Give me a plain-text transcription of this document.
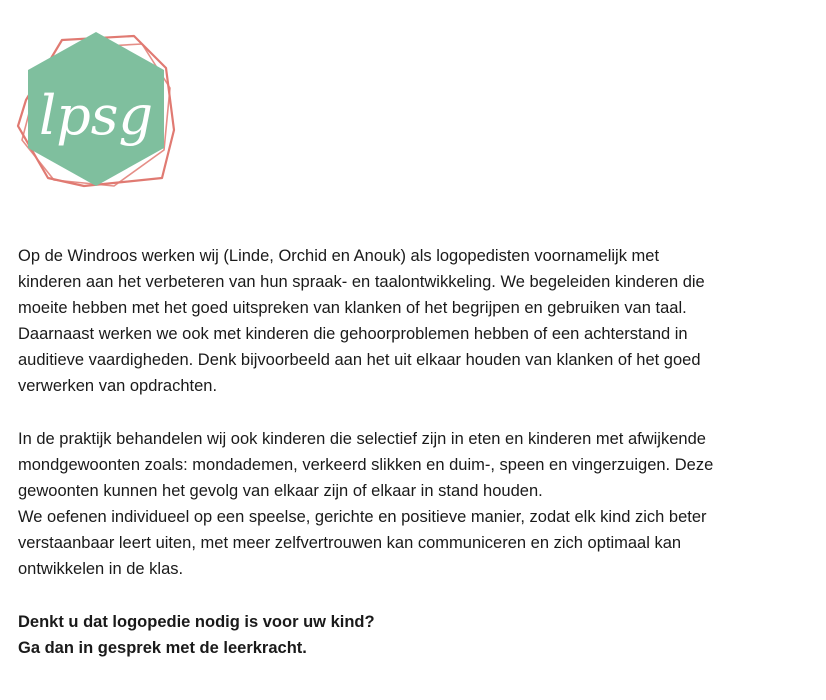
lpsg

Op de Windroos werken wij (Linde, Orchid en Anouk) als logopedisten voornamelijk met
kinderen aan het verbeteren van hun spraak- en taalontwikkeling. We begeleiden kinderen die
moeite hebben met het goed uitspreken van klanken of het begrijpen en gebruiken van taal.
Daarnaast werken we ook met kinderen die gehoorproblemen hebben of een achterstand in
auditieve vaardigheden. Denk bijvoorbeeld aan het uit elkaar houden van klanken of het goed
verwerken van opdrachten.

In de praktijk behandelen wij ook kinderen die selectief zijn in eten en kinderen met afwijkende
mondgewoonten zoals: mondademen, verkeerd slikken en duim-, speen en vingerzuigen. Deze
gewoonten kunnen het gevolg van elkaar zijn of elkaar in stand houden.
We oefenen individueel op een speelse, gerichte en positieve manier, zodat elk kind zich beter
verstaanbaar leert uiten, met meer zelfvertrouwen kan communiceren en zich optimaal kan
ontwikkelen in de klas.

Denkt u dat logopedie nodig is voor uw kind?
Ga dan in gesprek met de leerkracht.
